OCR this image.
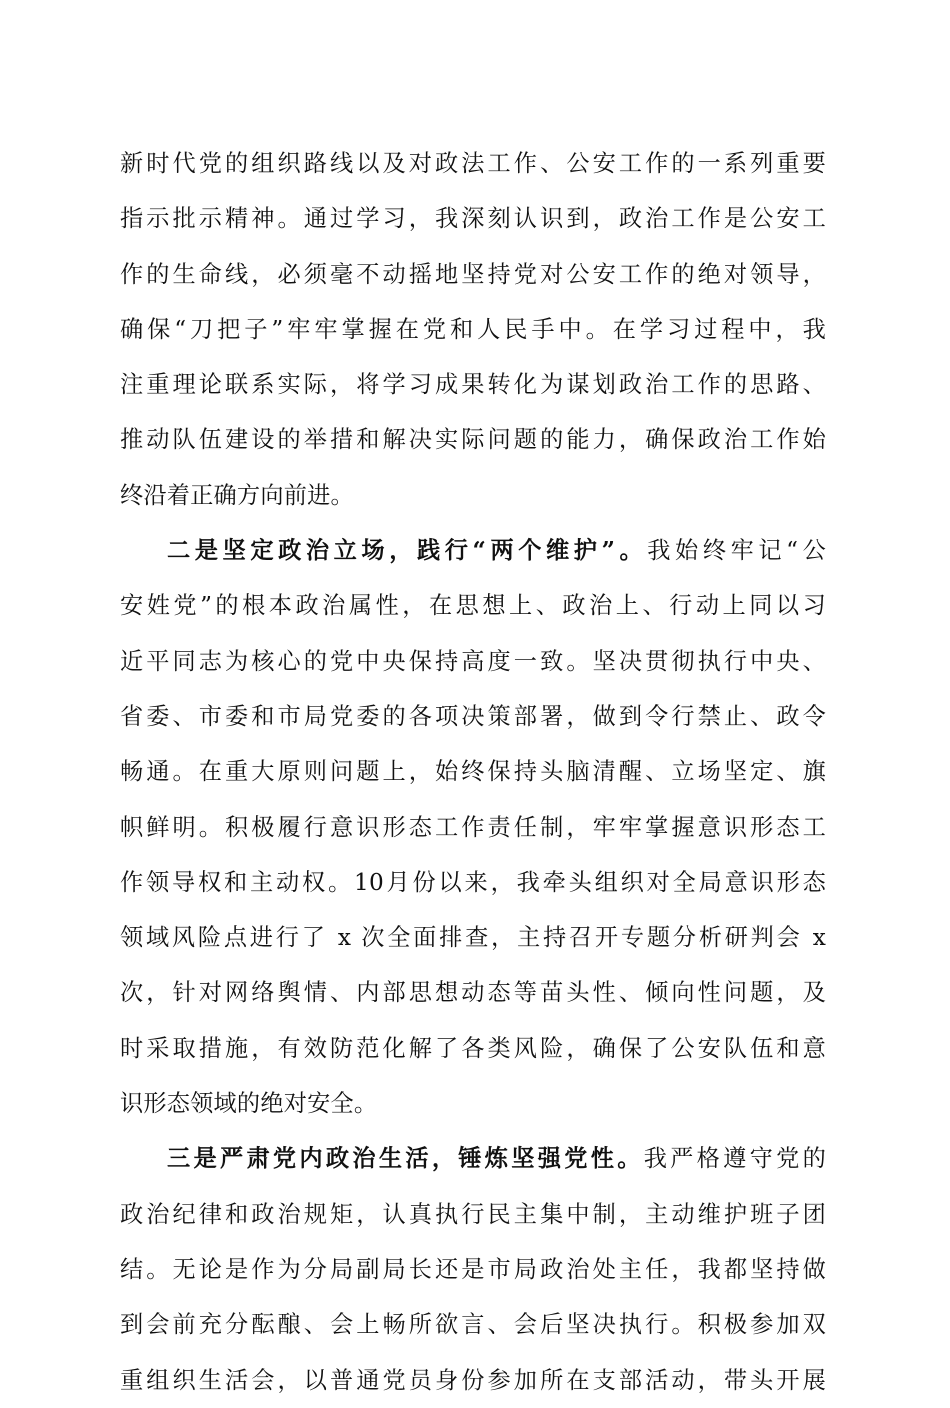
新时代党的组织路线以及对政法工作、公安工作的一系列重要
指示批示精神。通过学习，我深刻认识到，政治工作是公安工
作的生命线，必须毫不动摇地坚持党对公安工作的绝对领导，
确保“刀把子”牢牢掌握在党和人民手中。在学习过程中，我
注重理论联系实际，将学习成果转化为谋划政治工作的思路、
推动队伍建设的举措和解决实际问题的能力，确保政治工作始
终沿着正确方向前进。
二是坚定政治立场，践行“两个维护”。我始终牢记“公
安姓党”的根本政治属性，在思想上、政治上、行动上同以习
近平同志为核心的党中央保持高度一致。坚决贯彻执行中央、
省委、市委和市局党委的各项决策部署，做到令行禁止、政令
畅通。在重大原则问题上，始终保持头脑清醒、立场坚定、旗
帜鲜明。积极履行意识形态工作责任制，牢牢掌握意识形态工
作领导权和主动权。10月份以来，我牵头组织对全局意识形态
领域风险点进行了 x 次全面排查，主持召开专题分析研判会 x
次，针对网络舆情、内部思想动态等苗头性、倾向性问题，及
时采取措施，有效防范化解了各类风险，确保了公安队伍和意
识形态领域的绝对安全。
三是严肃党内政治生活，锤炼坚强党性。我严格遵守党的
政治纪律和政治规矩，认真执行民主集中制，主动维护班子团
结。无论是作为分局副局长还是市局政治处主任，我都坚持做
到会前充分酝酿、会上畅所欲言、会后坚决执行。积极参加双
重组织生活会，以普通党员身份参加所在支部活动，带头开展
